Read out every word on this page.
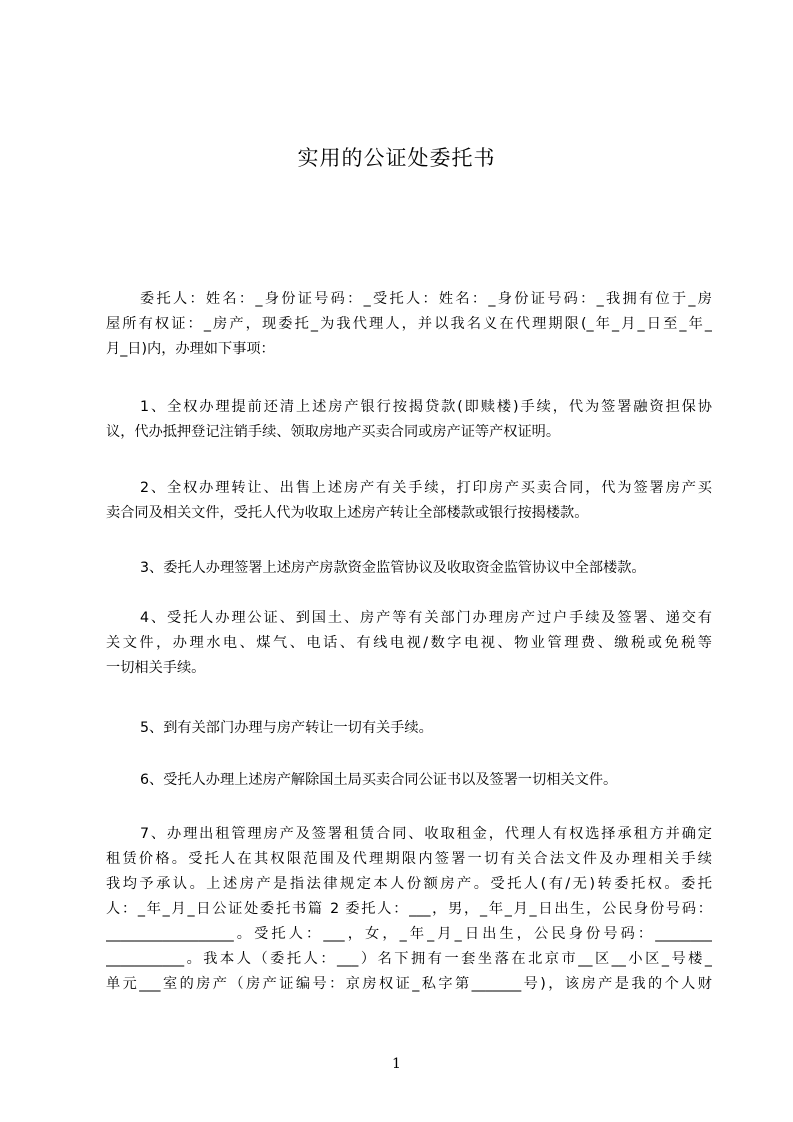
实用的公证处委托书
委托人：姓名：_身份证号码：_受托人：姓名：_身份证号码：_我拥有位于_房
屋所有权证：_房产，现委托_为我代理人，并以我名义在代理期限(_年_月_日至_年_
月_日)内，办理如下事项：
1、全权办理提前还清上述房产银行按揭贷款(即赎楼)手续，代为签署融资担保协
议，代办抵押登记注销手续、领取房地产买卖合同或房产证等产权证明。
2、全权办理转让、出售上述房产有关手续，打印房产买卖合同，代为签署房产买
卖合同及相关文件，受托人代为收取上述房产转让全部楼款或银行按揭楼款。
3、委托人办理签署上述房产房款资金监管协议及收取资金监管协议中全部楼款。
4、受托人办理公证、到国土、房产等有关部门办理房产过户手续及签署、递交有
关文件，办理水电、煤气、电话、有线电视/数字电视、物业管理费、缴税或免税等
一切相关手续。
5、到有关部门办理与房产转让一切有关手续。
6、受托人办理上述房产解除国土局买卖合同公证书以及签署一切相关文件。
7、办理出租管理房产及签署租赁合同、收取租金，代理人有权选择承租方并确定
租赁价格。受托人在其权限范围及代理期限内签署一切有关合法文件及办理相关手续
我均予承认。上述房产是指法律规定本人份额房产。受托人(有/无)转委托权。委托
人：_年_月_日公证处委托书篇 2 委托人：___，男，_年_月_日出生，公民身份号码：
__________________。受托人：___，女，_年_月_日出生，公民身份号码：________
___________。我本人（委托人：___）名下拥有一套坐落在北京市__区__小区_号楼_
单元___室的房产（房产证编号：京房权证_私字第_______号)，该房产是我的个人财
1
